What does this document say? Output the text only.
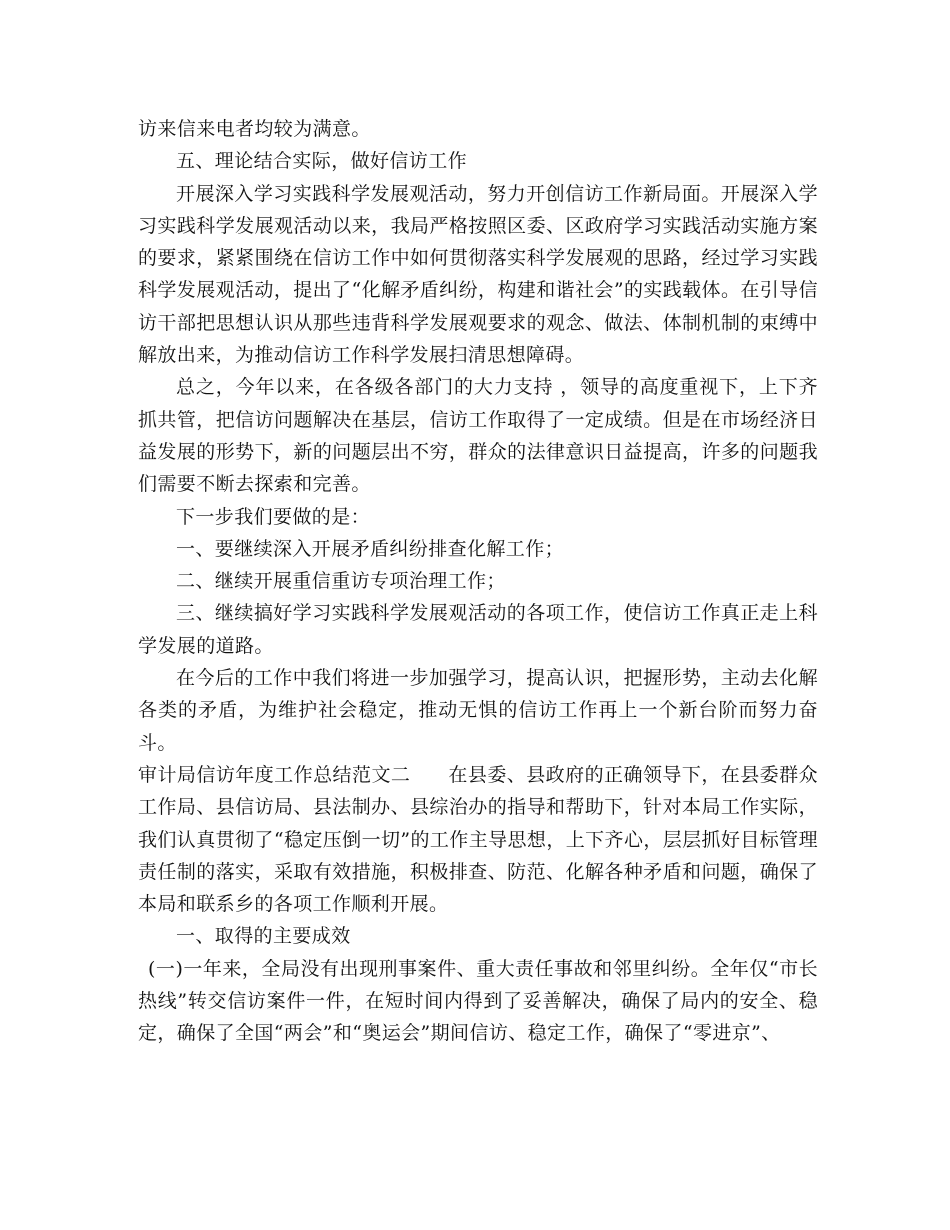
访来信来电者均较为满意。

五、理论结合实际，做好信访工作

开展深入学习实践科学发展观活动，努力开创信访工作新局面。开展深入学习实践科学发展观活动以来，我局严格按照区委、区政府学习实践活动实施方案的要求，紧紧围绕在信访工作中如何贯彻落实科学发展观的思路，经过学习实践科学发展观活动，提出了“化解矛盾纠纷，构建和谐社会”的实践载体。在引导信访干部把思想认识从那些违背科学发展观要求的观念、做法、体制机制的束缚中解放出来，为推动信访工作科学发展扫清思想障碍。

总之，今年以来，在各级各部门的大力支持 ，领导的高度重视下，上下齐抓共管，把信访问题解决在基层，信访工作取得了一定成绩。但是在市场经济日益发展的形势下，新的问题层出不穷，群众的法律意识日益提高，许多的问题我们需要不断去探索和完善。

下一步我们要做的是：

一、要继续深入开展矛盾纠纷排查化解工作；

二、继续开展重信重访专项治理工作；

三、继续搞好学习实践科学发展观活动的各项工作，使信访工作真正走上科学发展的道路。

在今后的工作中我们将进一步加强学习，提高认识，把握形势，主动去化解各类的矛盾，为维护社会稳定，推动无惧的信访工作再上一个新台阶而努力奋斗。

审计局信访年度工作总结范文二 在县委、县政府的正确领导下，在县委群众工作局、县信访局、县法制办、县综治办的指导和帮助下，针对本局工作实际，我们认真贯彻了“稳定压倒一切”的工作主导思想，上下齐心，层层抓好目标管理责任制的落实，采取有效措施，积极排查、防范、化解各种矛盾和问题，确保了本局和联系乡的各项工作顺利开展。

一、取得的主要成效

(一)一年来，全局没有出现刑事案件、重大责任事故和邻里纠纷。全年仅“市长热线”转交信访案件一件，在短时间内得到了妥善解决，确保了局内的安全、稳定，确保了全国“两会”和“奥运会”期间信访、稳定工作，确保了“零进京”、
